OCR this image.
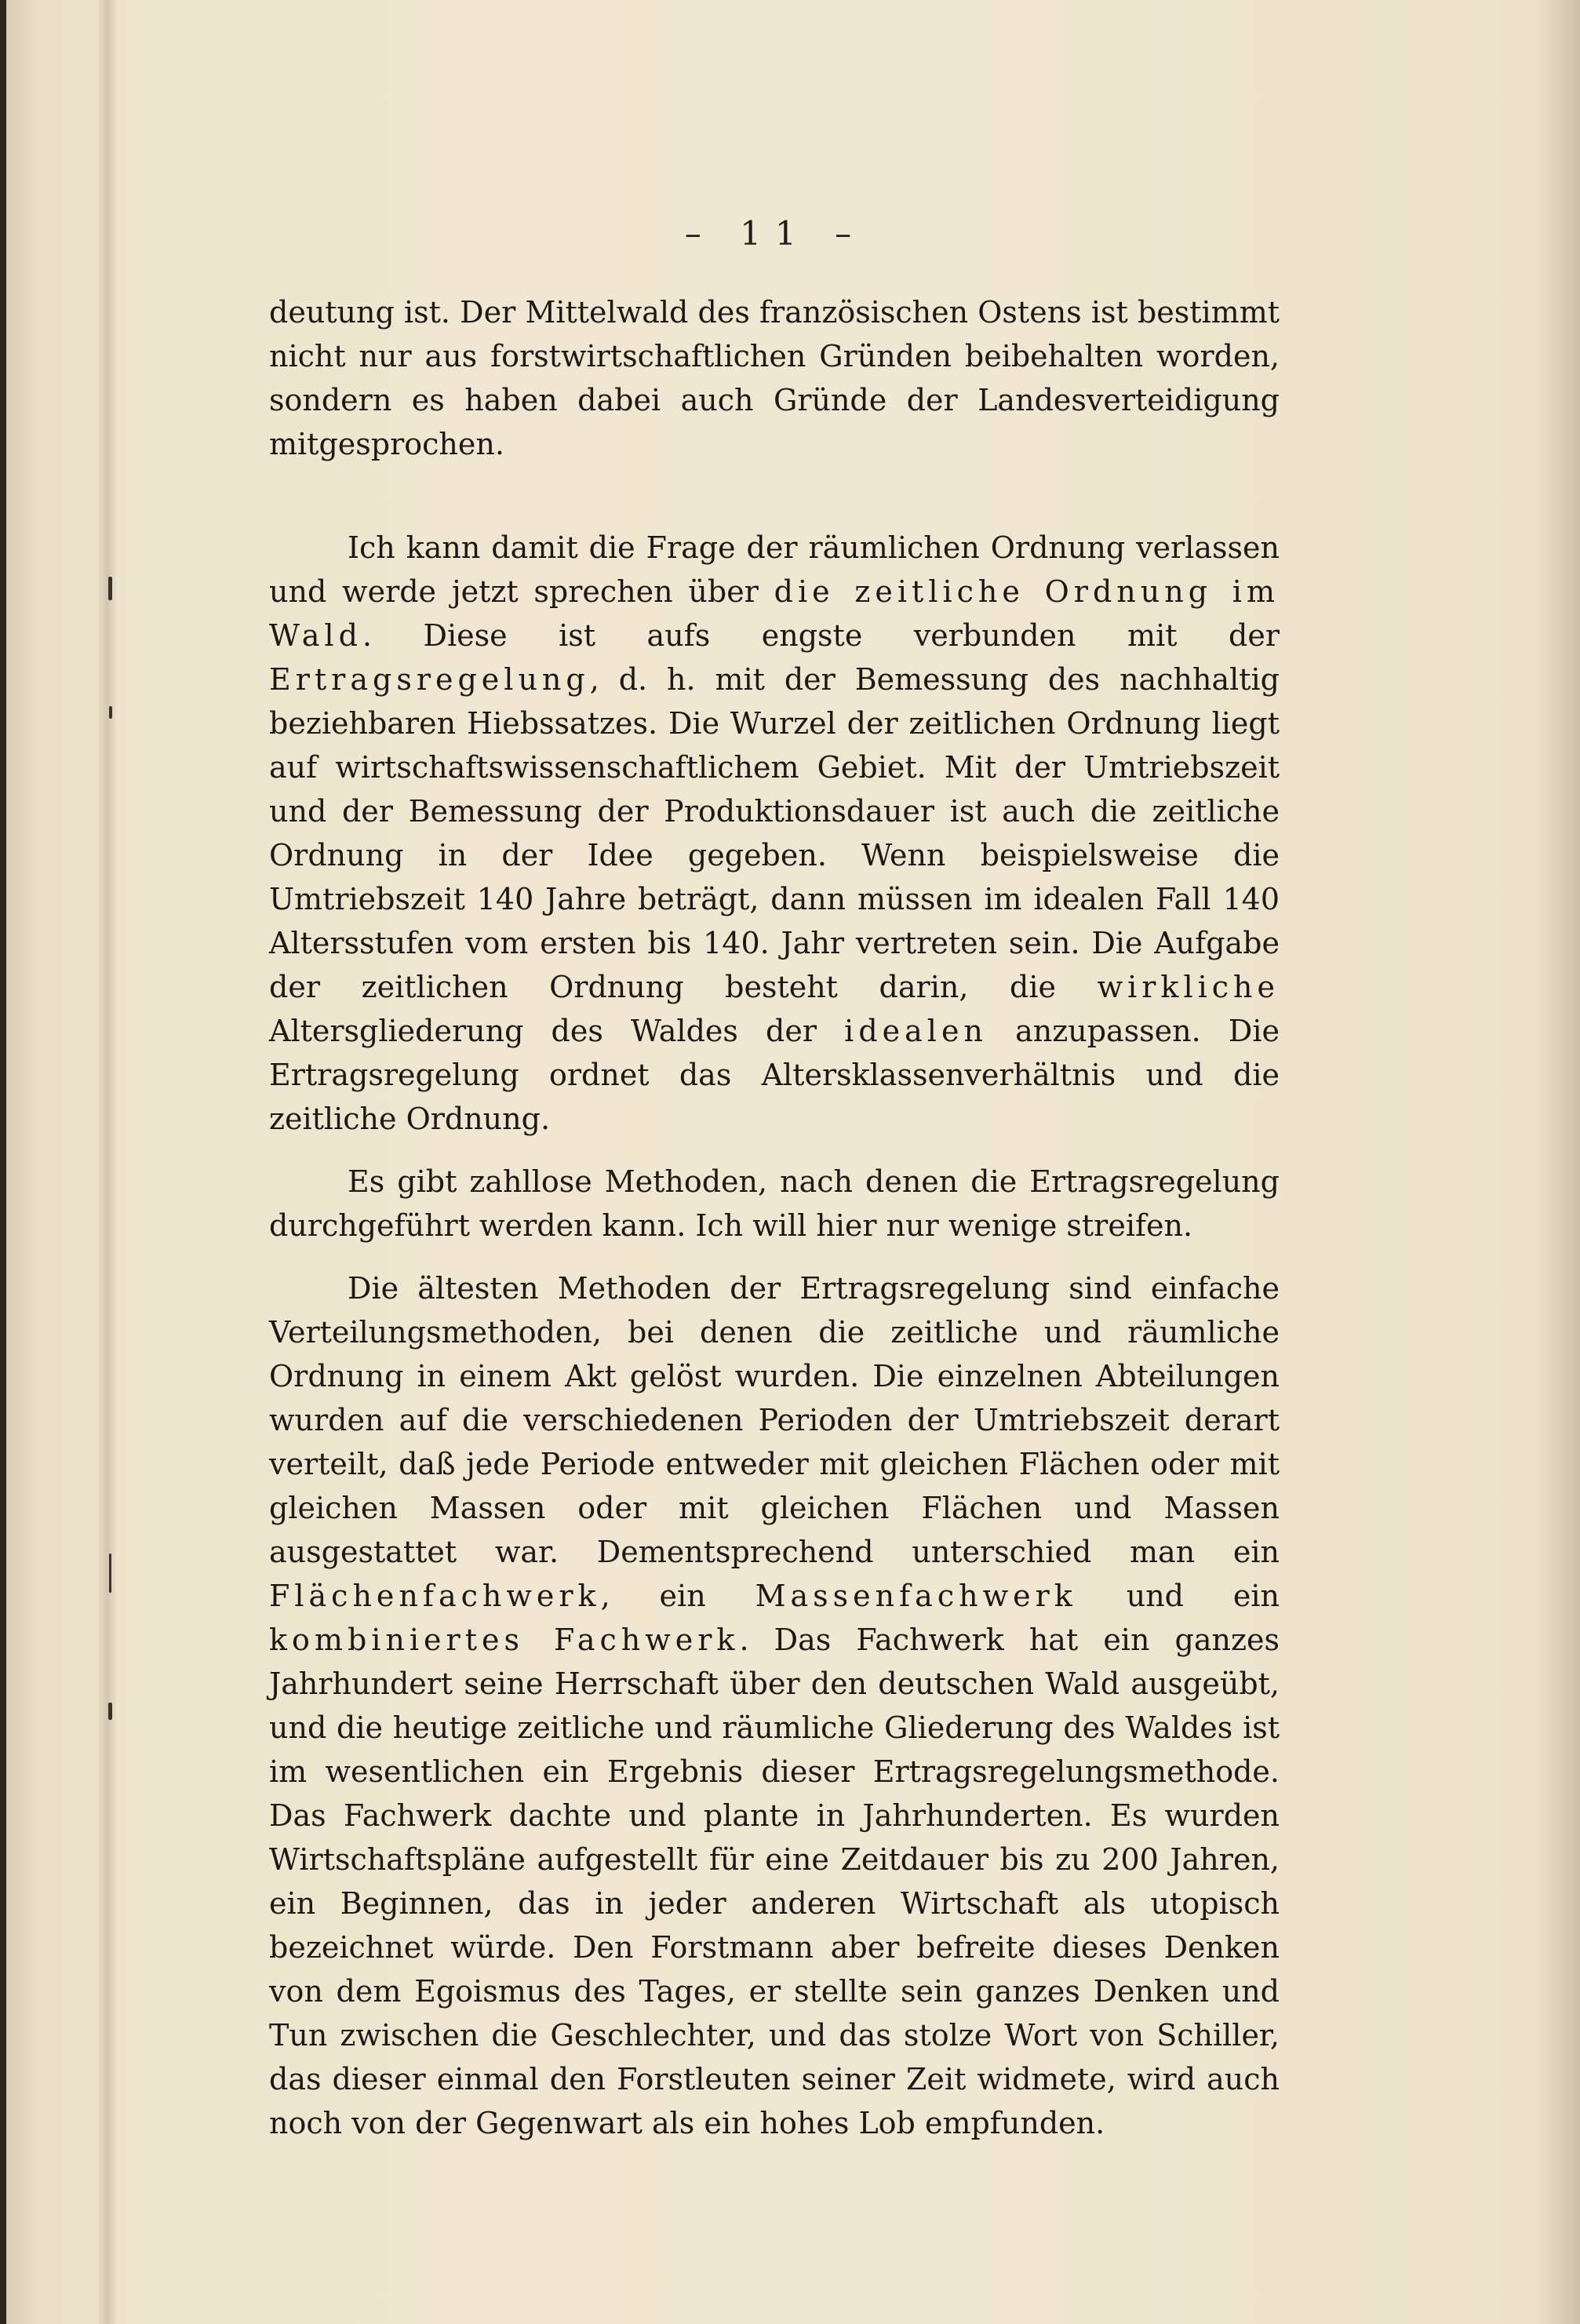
– 11 –

deutung ist. Der Mittelwald des französischen Ostens ist bestimmt nicht nur aus forstwirtschaftlichen Gründen beibehalten worden, sondern es haben dabei auch Gründe der Landesverteidigung mitgesprochen.

Ich kann damit die Frage der räumlichen Ordnung verlassen und werde jetzt sprechen über die zeitliche Ordnung im Wald. Diese ist aufs engste verbunden mit der Ertragsregelung, d. h. mit der Bemessung des nachhaltig beziehbaren Hiebssatzes. Die Wurzel der zeitlichen Ordnung liegt auf wirtschaftswissenschaftlichem Gebiet. Mit der Umtriebszeit und der Bemessung der Produktionsdauer ist auch die zeitliche Ordnung in der Idee gegeben. Wenn beispielsweise die Umtriebszeit 140 Jahre beträgt, dann müssen im idealen Fall 140 Altersstufen vom ersten bis 140. Jahr vertreten sein. Die Aufgabe der zeitlichen Ordnung besteht darin, die wirkliche Altersgliederung des Waldes der idealen anzupassen. Die Ertragsregelung ordnet das Altersklassenverhältnis und die zeitliche Ordnung.

Es gibt zahllose Methoden, nach denen die Ertragsregelung durchgeführt werden kann. Ich will hier nur wenige streifen.

Die ältesten Methoden der Ertragsregelung sind einfache Verteilungsmethoden, bei denen die zeitliche und räumliche Ordnung in einem Akt gelöst wurden. Die einzelnen Abteilungen wurden auf die verschiedenen Perioden der Umtriebszeit derart verteilt, daß jede Periode entweder mit gleichen Flächen oder mit gleichen Massen oder mit gleichen Flächen und Massen ausgestattet war. Dementsprechend unterschied man ein Flächenfachwerk, ein Massenfachwerk und ein kombiniertes Fachwerk. Das Fachwerk hat ein ganzes Jahrhundert seine Herrschaft über den deutschen Wald ausgeübt, und die heutige zeitliche und räumliche Gliederung des Waldes ist im wesentlichen ein Ergebnis dieser Ertragsregelungsmethode. Das Fachwerk dachte und plante in Jahrhunderten. Es wurden Wirtschaftspläne aufgestellt für eine Zeitdauer bis zu 200 Jahren, ein Beginnen, das in jeder anderen Wirtschaft als utopisch bezeichnet würde. Den Forstmann aber befreite dieses Denken von dem Egoismus des Tages, er stellte sein ganzes Denken und Tun zwischen die Geschlechter, und das stolze Wort von Schiller, das dieser einmal den Forstleuten seiner Zeit widmete, wird auch noch von der Gegenwart als ein hohes Lob empfunden.
